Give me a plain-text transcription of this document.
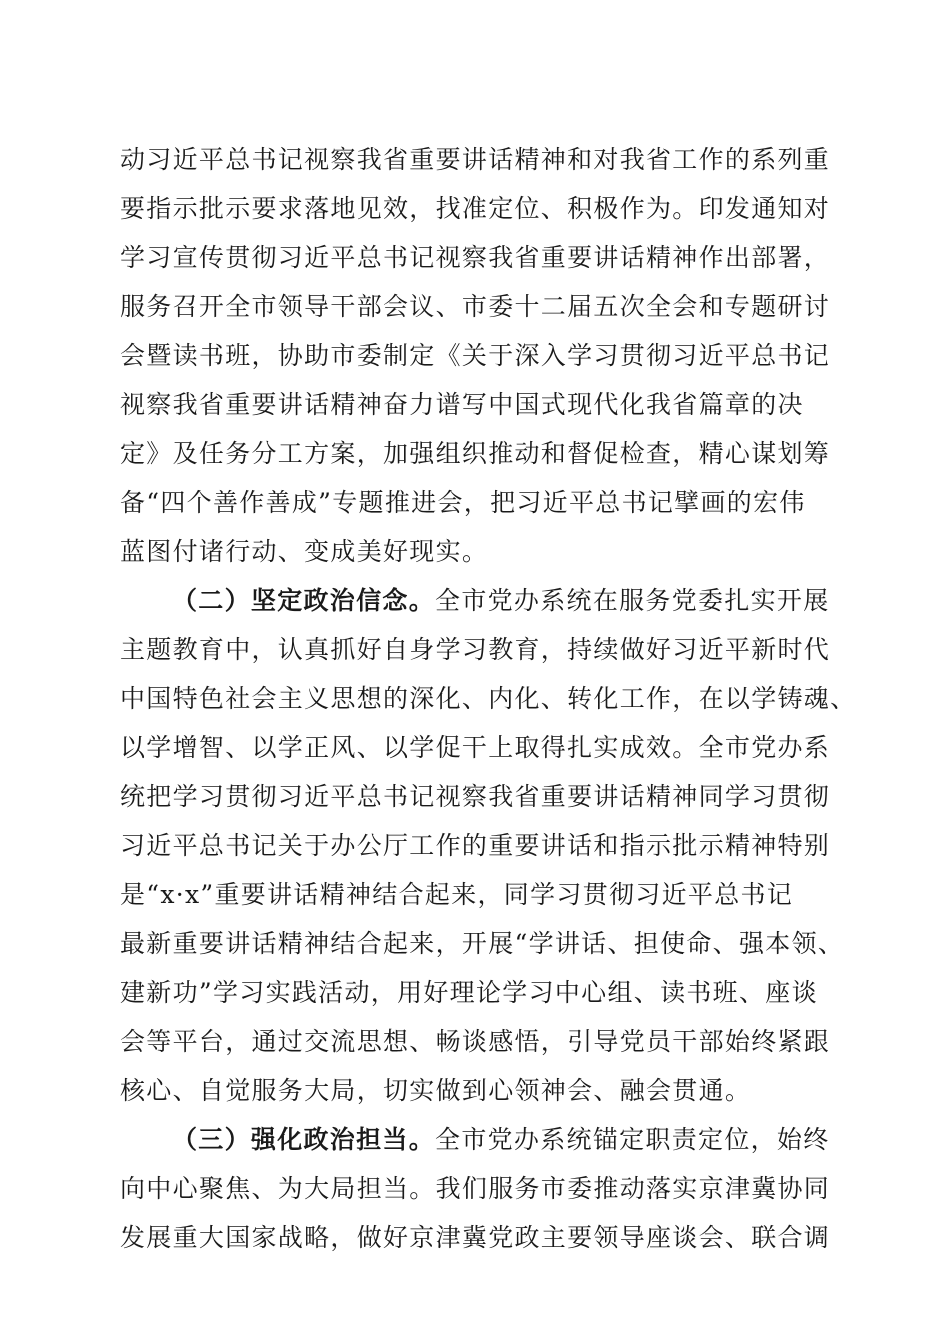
动习近平总书记视察我省重要讲话精神和对我省工作的系列重
要指示批示要求落地见效，找准定位、积极作为。印发通知对
学习宣传贯彻习近平总书记视察我省重要讲话精神作出部署，
服务召开全市领导干部会议、市委十二届五次全会和专题研讨
会暨读书班，协助市委制定《关于深入学习贯彻习近平总书记
视察我省重要讲话精神奋力谱写中国式现代化我省篇章的决
定》及任务分工方案，加强组织推动和督促检查，精心谋划筹
备“四个善作善成”专题推进会，把习近平总书记擘画的宏伟
蓝图付诸行动、变成美好现实。
（二）坚定政治信念。全市党办系统在服务党委扎实开展
主题教育中，认真抓好自身学习教育，持续做好习近平新时代
中国特色社会主义思想的深化、内化、转化工作，在以学铸魂、
以学增智、以学正风、以学促干上取得扎实成效。全市党办系
统把学习贯彻习近平总书记视察我省重要讲话精神同学习贯彻
习近平总书记关于办公厅工作的重要讲话和指示批示精神特别
是“x·x”重要讲话精神结合起来，同学习贯彻习近平总书记
最新重要讲话精神结合起来，开展“学讲话、担使命、强本领、
建新功”学习实践活动，用好理论学习中心组、读书班、座谈
会等平台，通过交流思想、畅谈感悟，引导党员干部始终紧跟
核心、自觉服务大局，切实做到心领神会、融会贯通。
（三）强化政治担当。全市党办系统锚定职责定位，始终
向中心聚焦、为大局担当。我们服务市委推动落实京津冀协同
发展重大国家战略，做好京津冀党政主要领导座谈会、联合调
